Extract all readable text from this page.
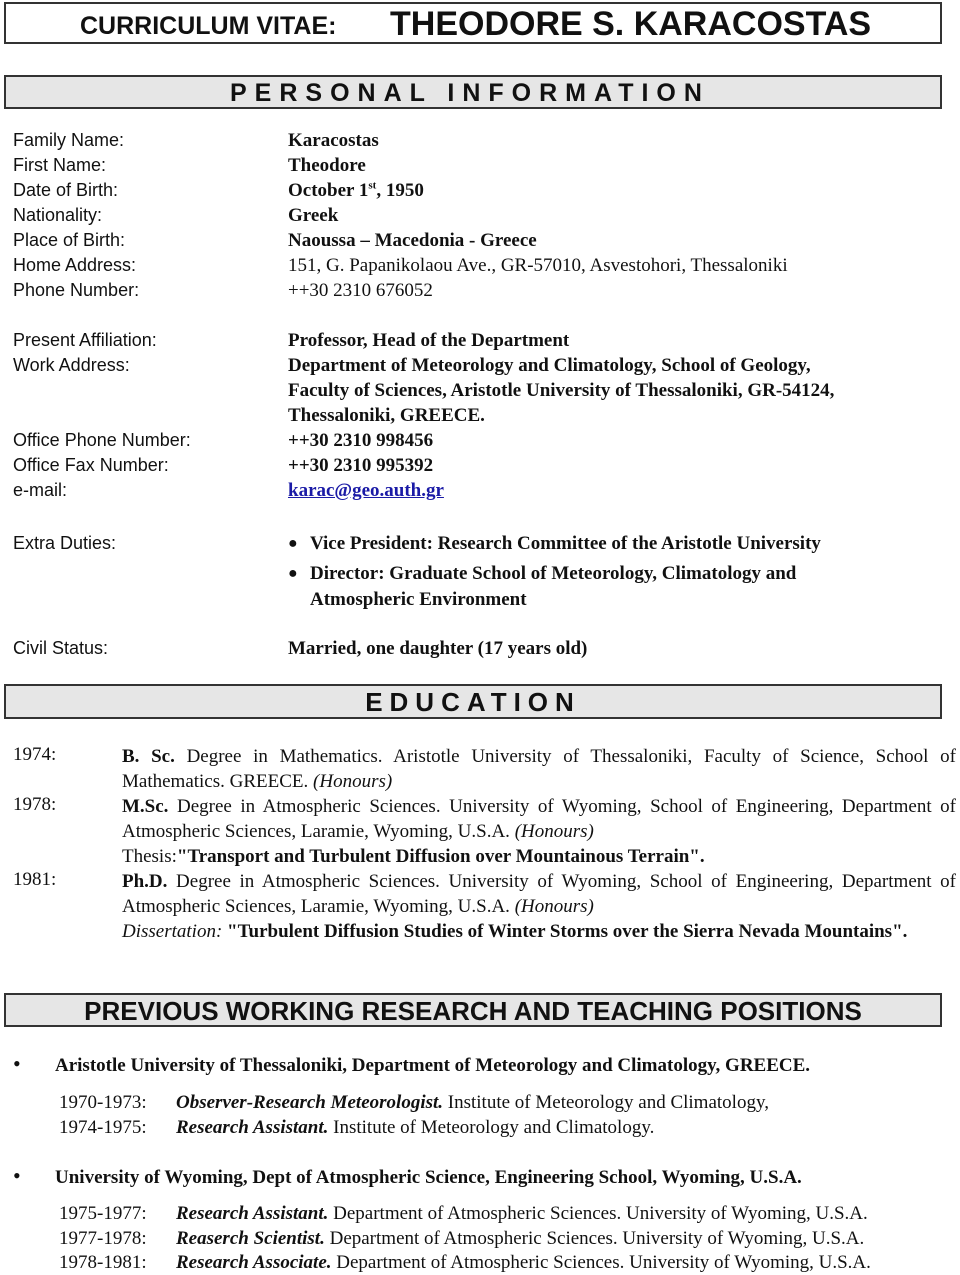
CURRICULUM VITAE: THEODORE S. KARACOSTAS
PERSONAL INFORMATION
Family Name:	Karacostas
First Name:	Theodore
Date of Birth:	October 1st, 1950
Nationality:	Greek
Place of Birth:	Naoussa – Macedonia - Greece
Home Address:	151, G. Papanikolaou Ave., GR-57010, Asvestohori, Thessaloniki
Phone Number:	++30 2310 676052
Present Affiliation:	Professor, Head of the Department
Work Address:	Department of Meteorology and Climatology, School of Geology,
Faculty of Sciences, Aristotle University of Thessaloniki, GR-54124,
Thessaloniki, GREECE.
Office Phone Number:	++30 2310 998456
Office Fax Number:	++30 2310 995392
e-mail:	karac@geo.auth.gr
Extra Duties:	● Vice President: Research Committee of the Aristotle University
● Director: Graduate School of Meteorology, Climatology and
Atmospheric Environment
Civil Status:	Married, one daughter (17 years old)
EDUCATION
1974:	B. Sc. Degree in Mathematics. Aristotle University of Thessaloniki, Faculty of Science, School of Mathematics. GREECE. (Honours)
1978:	M.Sc. Degree in Atmospheric Sciences. University of Wyoming, School of Engineering, Department of Atmospheric Sciences, Laramie, Wyoming, U.S.A. (Honours)
Thesis:"Transport and Turbulent Diffusion over Mountainous Terrain".
1981:	Ph.D. Degree in Atmospheric Sciences. University of Wyoming, School of Engineering, Department of Atmospheric Sciences, Laramie, Wyoming, U.S.A. (Honours)
Dissertation: "Turbulent Diffusion Studies of Winter Storms over the Sierra Nevada Mountains".
PREVIOUS WORKING RESEARCH AND TEACHING POSITIONS
• Aristotle University of Thessaloniki, Department of Meteorology and Climatology, GREECE.
1970-1973: Observer-Research Meteorologist. Institute of Meteorology and Climatology,
1974-1975: Research Assistant. Institute of Meteorology and Climatology.
• University of Wyoming, Dept of Atmospheric Science, Engineering School, Wyoming, U.S.A.
1975-1977: Research Assistant. Department of Atmospheric Sciences. University of Wyoming, U.S.A.
1977-1978: Reaserch Scientist. Department of Atmospheric Sciences. University of Wyoming, U.S.A.
1978-1981: Research Associate. Department of Atmospheric Sciences. University of Wyoming, U.S.A.
